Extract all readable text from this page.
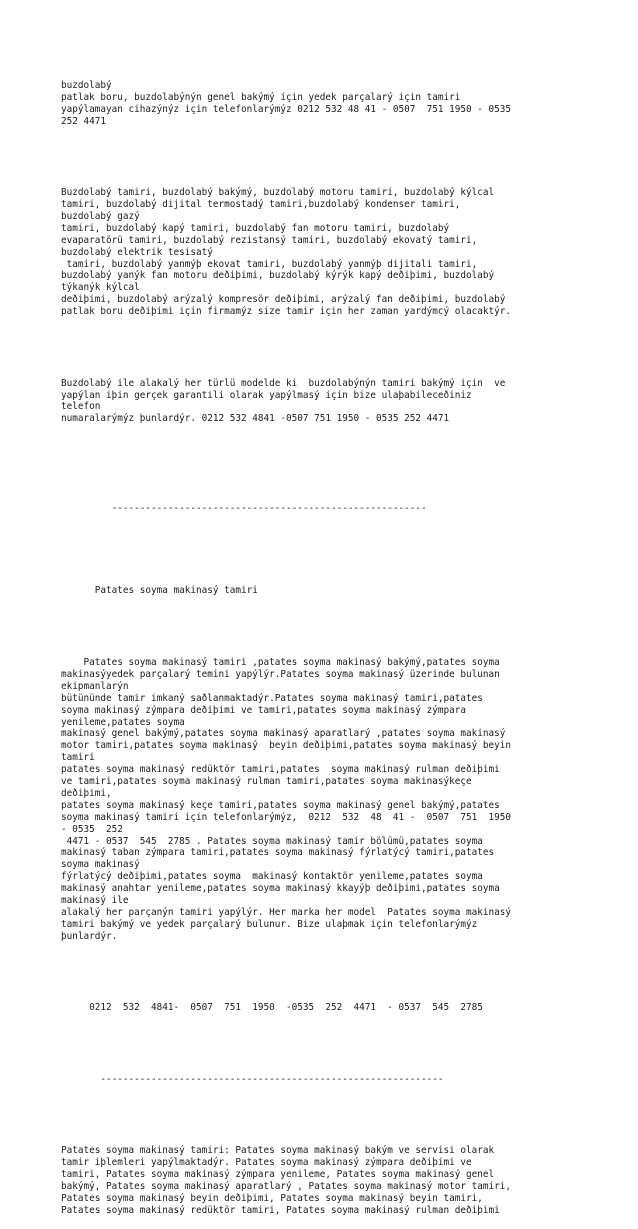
buzdolabý
patlak boru, buzdolabýnýn genel bakýmý için yedek parçalarý için tamiri
yapýlamayan cihazýnýz için telefonlarýmýz 0212 532 48 41 - 0507  751 1950 - 0535
252 4471

Buzdolabý tamiri, buzdolabý bakýmý, buzdolabý motoru tamiri, buzdolabý kýlcal
tamiri, buzdolabý dijital termostadý tamiri,buzdolabý kondenser tamiri,
buzdolabý gazý
tamiri, buzdolabý kapý tamiri, buzdolabý fan motoru tamiri, buzdolabý
evaparatörü tamiri, buzdolabý rezistansý tamiri, buzdolabý ekovatý tamiri,
buzdolabý elektrik tesisatý
tamiri, buzdolabý yanmýþ ekovat tamiri, buzdolabý yanmýþ dijitali tamiri,
buzdolabý yanýk fan motoru deðiþimi, buzdolabý kýrýk kapý deðiþimi, buzdolabý
týkanýk kýlcal
deðiþimi, buzdolabý arýzalý kompresör deðiþimi, arýzalý fan deðiþimi, buzdolabý
patlak boru deðiþimi için firmamýz size tamir için her zaman yardýmcý olacaktýr.

Buzdolabý ile alakalý her türlü modelde ki  buzdolabýnýn tamiri bakýmý için  ve
yapýlan iþin gerçek garantili olarak yapýlmasý için bize ulaþabileceðiniz
telefon
numaralarýmýz þunlardýr. 0212 532 4841 -0507 751 1950 - 0535 252 4471

--------------------------------------------------------

Patates soyma makinasý tamiri

Patates soyma makinasý tamiri ,patates soyma makinasý bakýmý,patates soyma
makinasýyedek parçalarý temini yapýlýr.Patates soyma makinasý üzerinde bulunan
ekipmanlarýn
bütününde tamir imkaný saðlanmaktadýr.Patates soyma makinasý tamiri,patates
soyma makinasý zýmpara deðiþimi ve tamiri,patates soyma makinasý zýmpara
yenileme,patates soyma
makinasý genel bakýmý,patates soyma makinasý aparatlarý ,patates soyma makinasý
motor tamiri,patates soyma makinasý  beyin deðiþimi,patates soyma makinasý beyin
tamiri
patates soyma makinasý redüktör tamiri,patates  soyma makinasý rulman deðiþimi
ve tamiri,patates soyma makinasý rulman tamiri,patates soyma makinasýkeçe
deðiþimi,
patates soyma makinasý keçe tamiri,patates soyma makinasý genel bakýmý,patates
soyma makinasý tamiri için telefonlarýmýz,  0212  532  48  41 -  0507  751  1950
- 0535  252
4471 - 0537  545  2785 . Patates soyma makinasý tamir bölümü,patates soyma
makinasý taban zýmpara tamiri,patates soyma makinasý fýrlatýcý tamiri,patates
soyma makinasý
fýrlatýcý deðiþimi,patates soyma  makinasý kontaktör yenileme,patates soyma
makinasý anahtar yenileme,patates soyma makinasý kkayýþ deðiþimi,patates soyma
makinasý ile
alakalý her parçanýn tamiri yapýlýr. Her marka her model  Patates soyma makinasý
tamiri bakýmý ve yedek parçalarý bulunur. Bize ulaþmak için telefonlarýmýz
þunlardýr.

0212  532  4841-  0507  751  1950  -0535  252  4471  - 0537  545  2785

-------------------------------------------------------------

Patates soyma makinasý tamiri: Patates soyma makinasý bakým ve servisi olarak
tamir iþlemleri yapýlmaktadýr. Patates soyma makinasý zýmpara deðiþimi ve
tamiri, Patates soyma makinasý zýmpara yenileme, Patates soyma makinasý genel
bakýmý, Patates soyma makinasý aparatlarý , Patates soyma makinasý motor tamiri,
Patates soyma makinasý beyin deðiþimi, Patates soyma makinasý beyin tamiri,
Patates soyma makinasý redüktör tamiri, Patates soyma makinasý rulman deðiþimi
